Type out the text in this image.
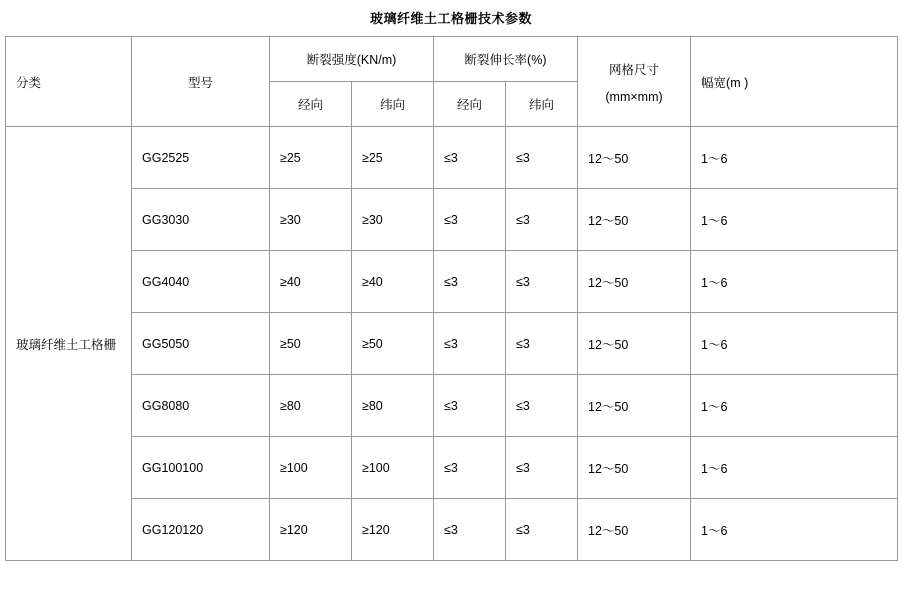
玻璃纤维土工格栅技术参数
分类	型号	断裂强度(KN/m)		断裂伸长率(%)		网格尺寸
(mm×mm)	幅宽(m )
		经向	纬向	经向	纬向		
玻璃纤维土工格栅	GG2525	≥25	≥25	≤3	≤3	12～50	1～6
	GG3030	≥30	≥30	≤3	≤3	12～50	1～6
	GG4040	≥40	≥40	≤3	≤3	12～50	1～6
	GG5050	≥50	≥50	≤3	≤3	12～50	1～6
	GG8080	≥80	≥80	≤3	≤3	12～50	1～6
	GG100100	≥100	≥100	≤3	≤3	12～50	1～6
	GG120120	≥120	≥120	≤3	≤3	12～50	1～6
